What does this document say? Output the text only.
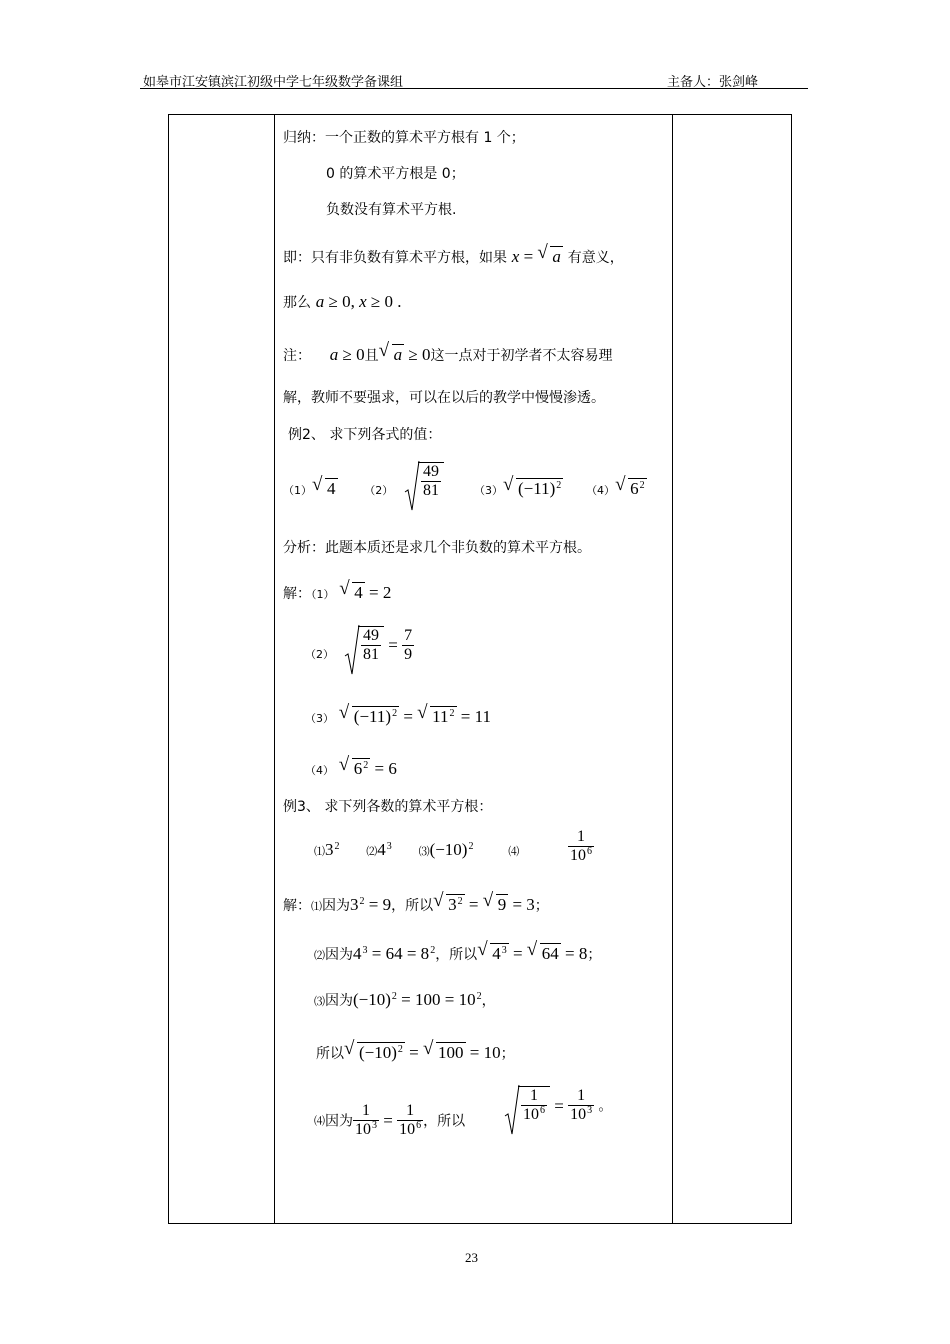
如皋市江安镇滨江初级中学七年级数学备课组	主备人：张剑峰
归纳：一个正数的算术平方根有 1 个；
0 的算术平方根是 0；
负数没有算术平方根.
即：只有非负数有算术平方根，如果 x = √ a 有意义，
那么 a ≥ 0, x ≥ 0 .
注： a ≥ 0且 √ a ≥ 0这一点对于初学者不太容易理
解，教师不要强求，可以在以后的教学中慢慢渗透。
例2、 求下列各式的值：
（1） √ 4	$(2) \frac{49}{81}$	（3） √ $(-11)^2$ （4） √ $6^2$
分析：此题本质还是求几个非负数的算术平方根。
解：（1） √ 4 = 2
$(2) \frac{49}{81} = \frac{7}{9}$
（3） √ $(-11)^2$ = √ $11^2 = 11$
（4） √ $6^2 = 6$
例3、 求下列各数的算术平方根：
$⑴3^2$ $⑵4^3$ $⑶(-10)^2$	⑷	$\frac{1}{10^6}$
解：⑴因为$3^2 = 9$，所以 √ $3^2$ = √ 9 = 3；
⑵因为$4^3 = 64 = 8^2$，所以 √ $4^3$ = √ 64 = 8；
⑶因为$(-10)^2 = 100 = 10^2$，
所以 √ $(-10)^2$ = √ 100 = 10；
⑷因为 $\frac{1}{10^3} = \frac{1}{10^6}$ ，所以	$\frac{1}{10^6} = \frac{1}{10^3}$ 。
23
